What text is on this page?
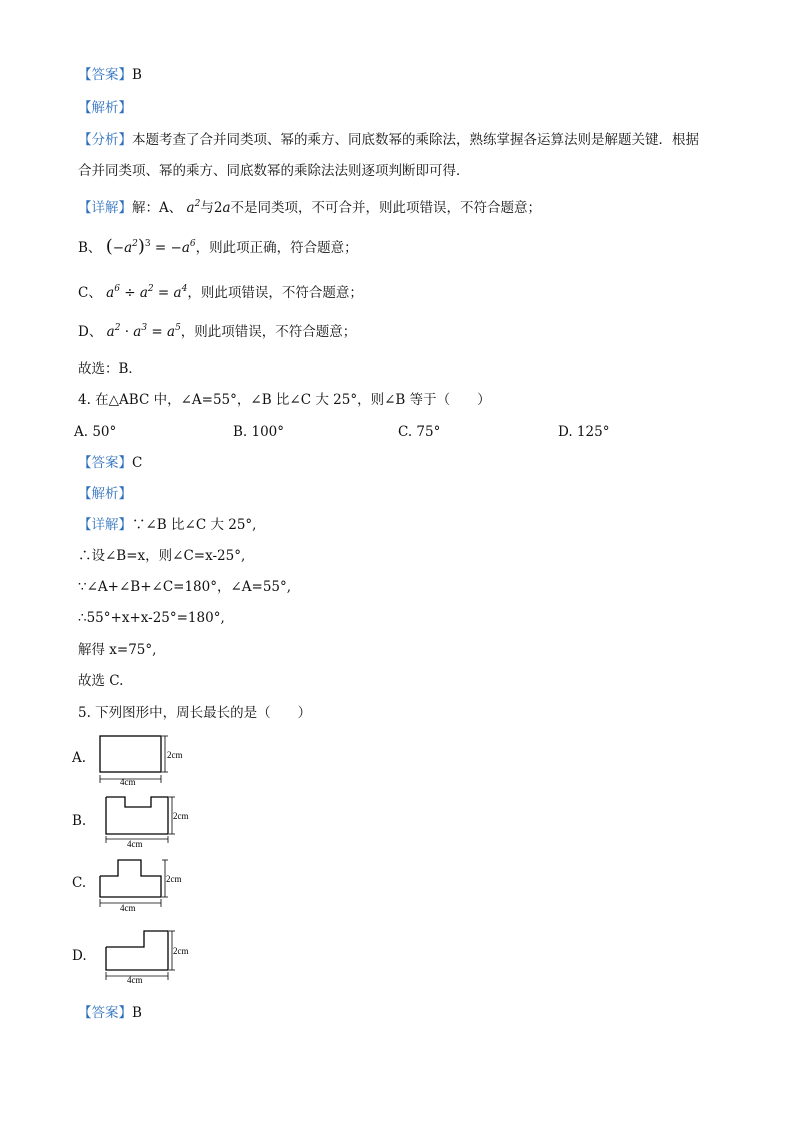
【答案】B
【解析】
【分析】本题考查了合并同类项、幂的乘方、同底数幂的乘除法，熟练掌握各运算法则是解题关键．根据
合并同类项、幂的乘方、同底数幂的乘除法法则逐项判断即可得．
【详解】解：A、 $a^2$与2a不是同类项，不可合并，则此项错误，不符合题意；
B、 $(-a^2)^3 = -a^6$，则此项正确，符合题意；
C、 $a^6 \div a^2 = a^4$，则此项错误，不符合题意；
D、 $a^2 \cdot a^3 = a^5$，则此项错误，不符合题意；
故选：B．
4. 在△ABC 中，∠A=55°，∠B 比∠C 大 25°，则∠B 等于（　　）
A. 50°	B. 100°	C. 75°	D. 125°
【答案】C
【解析】
【详解】∵∠B 比∠C 大 25°,
∴设∠B=x，则∠C=x-25°,
∵∠A+∠B+∠C=180°，∠A=55°,
∴55°+x+x-25°=180°,
解得 x=75°,
故选 C.
5. 下列图形中，周长最长的是（　　）
A.
4cm
2cm
B.
4cm
2cm
C.
4cm
2cm
D.
4cm
2cm
【答案】B
